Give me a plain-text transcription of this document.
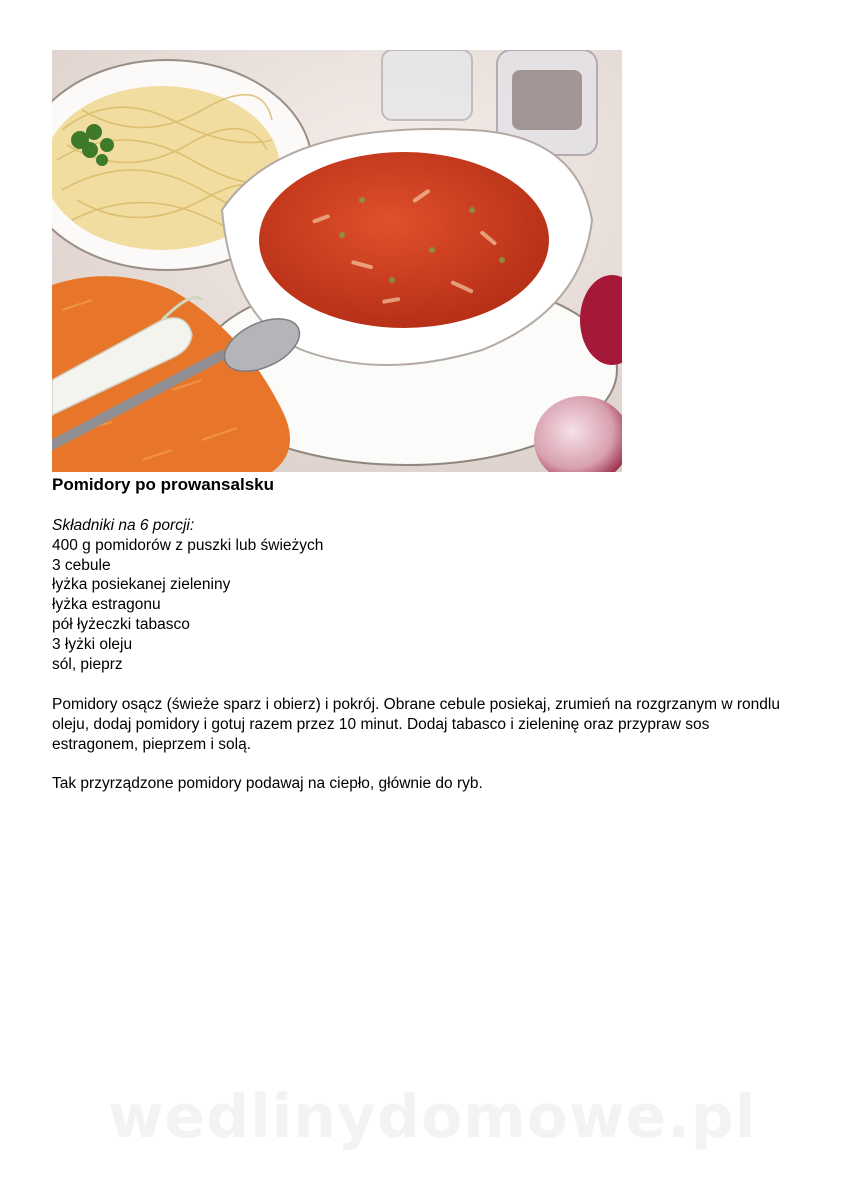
Pomidory po prowansalsku
Składniki na 6 porcji:
400 g pomidorów z puszki lub świeżych
3 cebule
łyżka posiekanej zieleniny
łyżka estragonu
pół łyżeczki tabasco
3 łyżki oleju
sól, pieprz

Pomidory osącz (świeże sparz i obierz) i pokrój. Obrane cebule posiekaj, zrumień na rozgrzanym w rondlu oleju, dodaj pomidory i gotuj razem przez 10 minut. Dodaj tabasco i zieleninę oraz przypraw sos estragonem, pieprzem i solą.

Tak przyrządzone pomidory podawaj na ciepło, głównie do ryb.

wedlinydomowe.pl
